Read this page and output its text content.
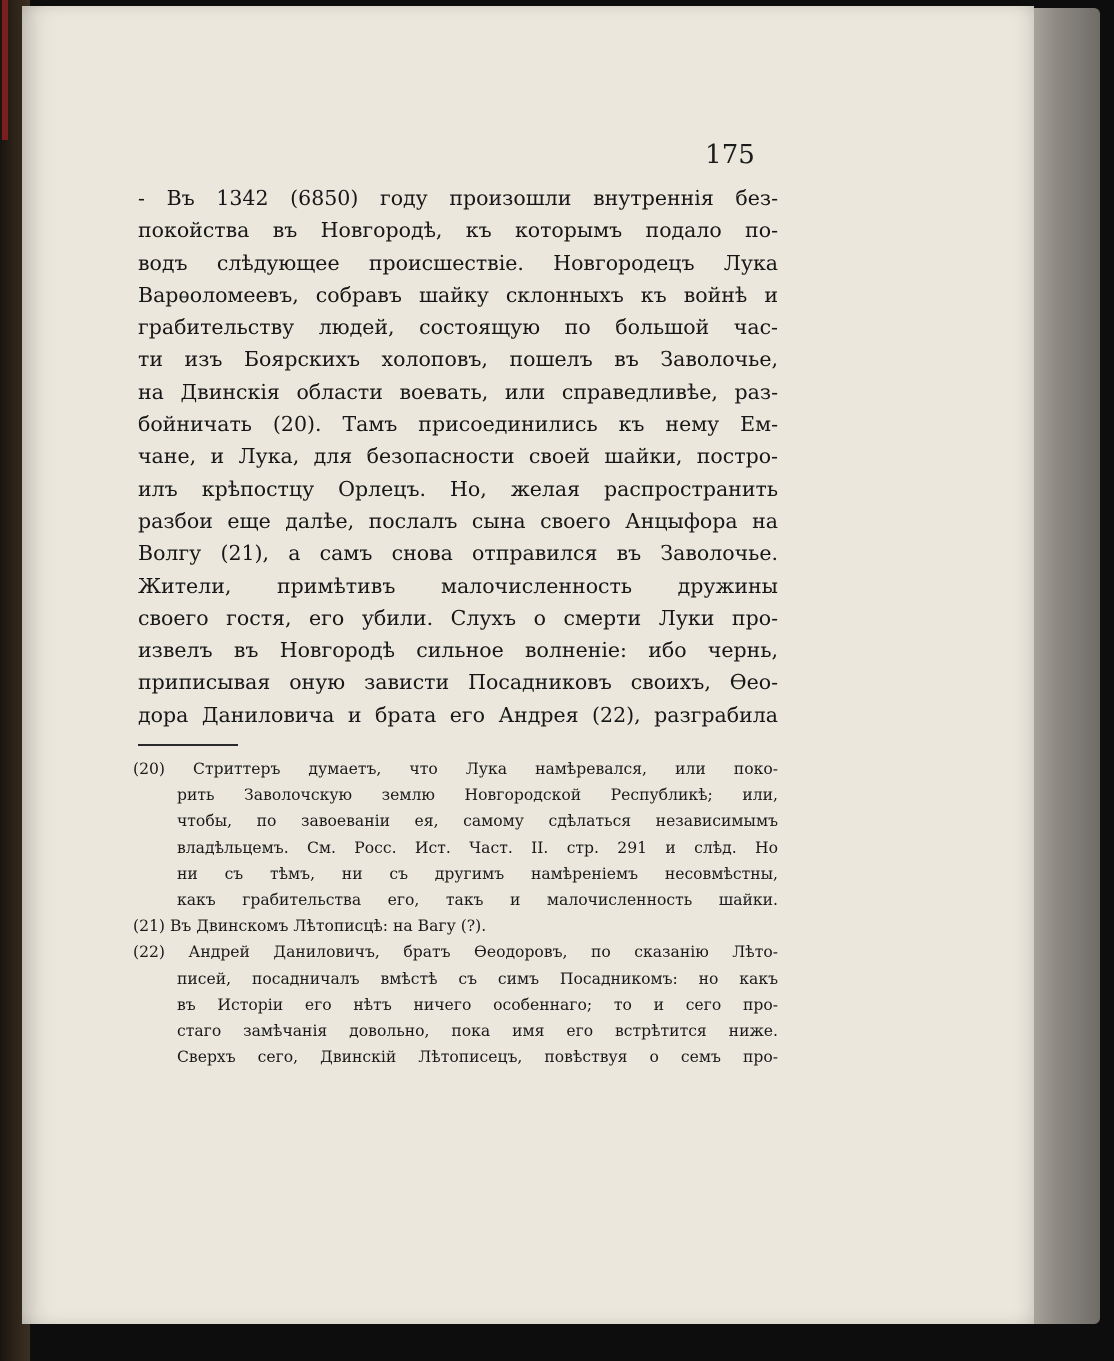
175
- Въ 1342 (6850) году произошли внутреннія без-
покойства въ Новгородѣ, къ которымъ подало по-
водъ слѣдующее происшествіе. Новгородецъ Лука
Варѳоломеевъ, собравъ шайку склонныхъ къ войнѣ и
грабительству людей, состоящую по большой час-
ти изъ Боярскихъ холоповъ, пошелъ въ Заволочье,
на Двинскія области воевать, или справедливѣе, раз-
бойничать (20). Тамъ присоединились къ нему Ем-
чане, и Лука, для безопасности своей шайки, постро-
илъ крѣпостцу Орлецъ. Но, желая распространить
разбои еще далѣе, послалъ сына своего Анцыфора на
Волгу (21), а самъ снова отправился въ Заволочье.
Жители, примѣтивъ малочисленность дружины
своего гостя, его убили. Слухъ о смерти Луки про-
извелъ въ Новгородѣ сильное волненіе: ибо чернь,
приписывая оную зависти Посадниковъ своихъ, Ѳео-
дора Даниловича и брата его Андрея (22), разграбила
(20) Стриттеръ думаетъ, что Лука намѣревался, или поко-
рить Заволочскую землю Новгородской Республикѣ; или,
чтобы, по завоеваніи ея, самому сдѣлаться независимымъ
владѣльцемъ. См. Росс. Ист. Част. II. стр. 291 и слѣд. Но
ни съ тѣмъ, ни съ другимъ намѣреніемъ несовмѣстны,
какъ грабительства его, такъ и малочисленность шайки.
(21) Въ Двинскомъ Лѣтописцѣ: на Вагу (?).
(22) Андрей Даниловичъ, братъ Ѳеодоровъ, по сказанію Лѣто-
писей, посадничалъ вмѣстѣ съ симъ Посадникомъ: но какъ
въ Исторіи его нѣтъ ничего особеннаго; то и сего про-
стаго замѣчанія довольно, пока имя его встрѣтится ниже.
Сверхъ сего, Двинскій Лѣтописецъ, повѣствуя о семъ про-
